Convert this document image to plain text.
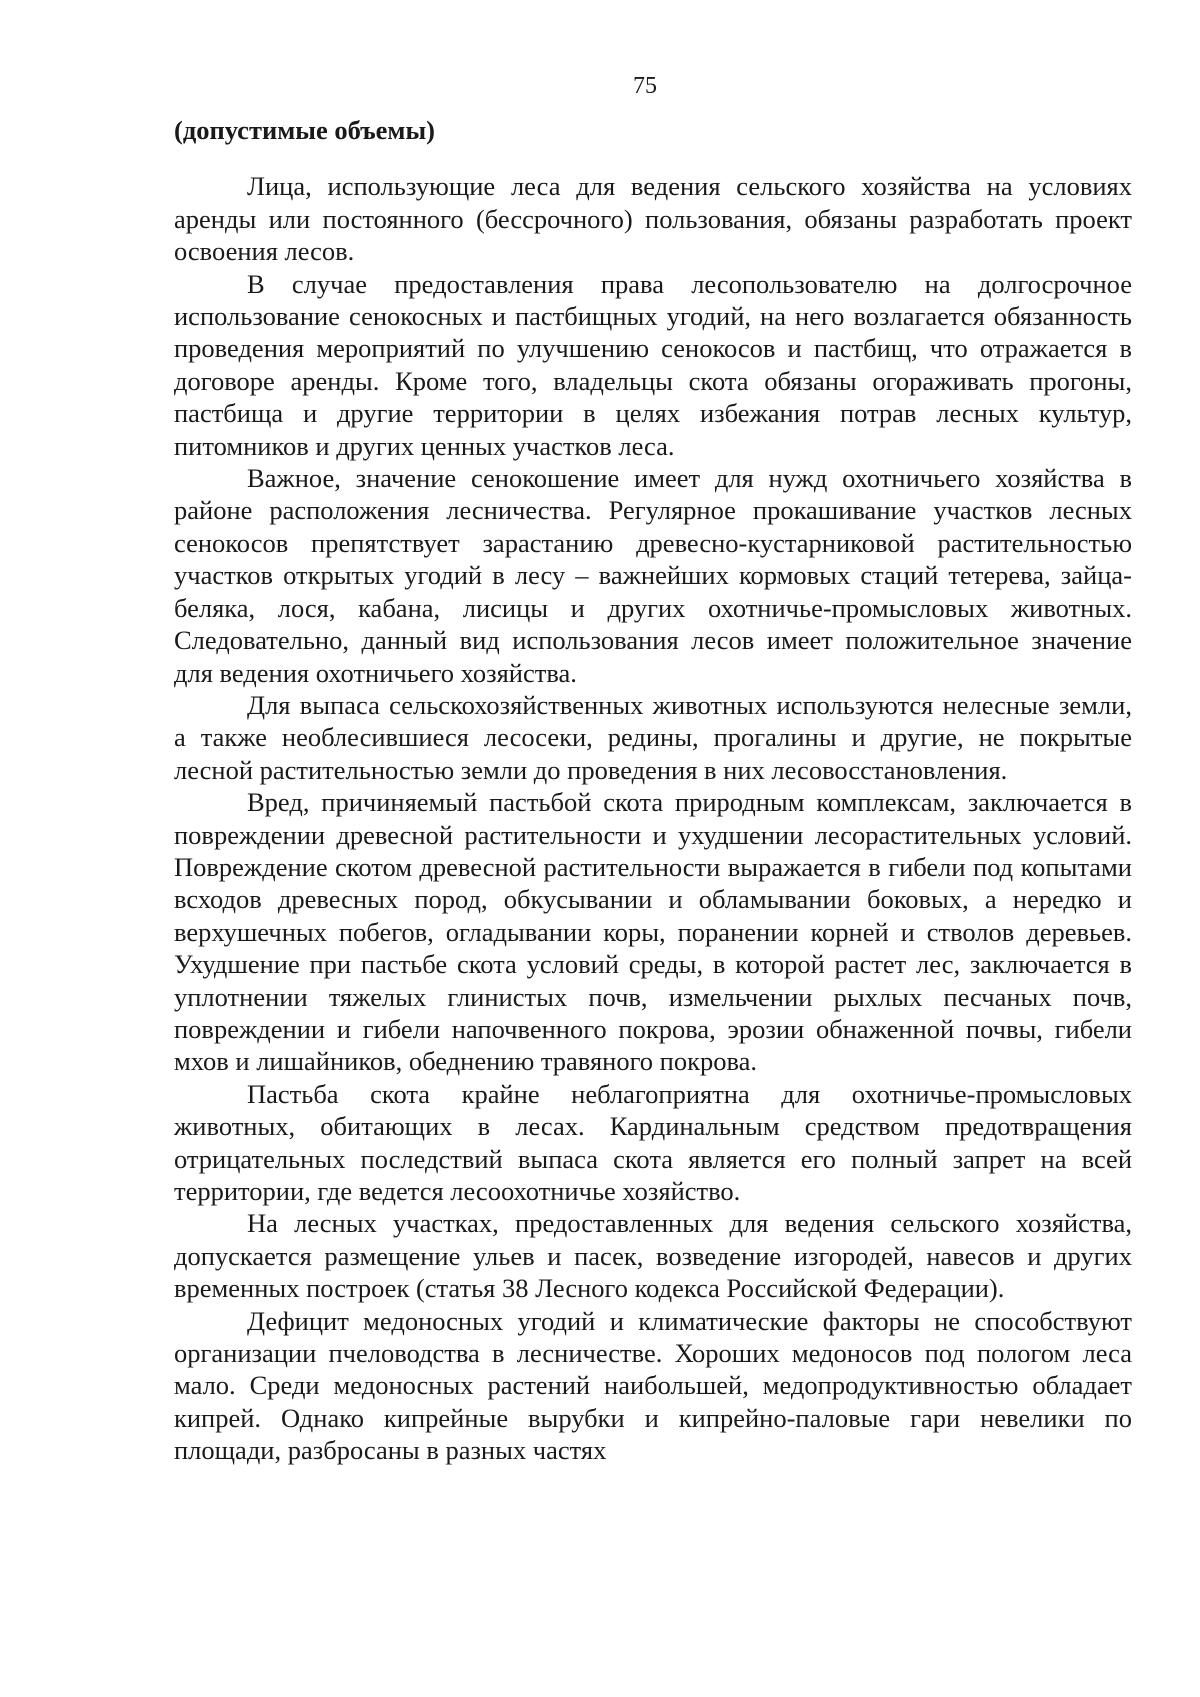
75

(допустимые объемы)

Лица, использующие леса для ведения сельского хозяйства на условиях аренды или постоянного (бессрочного) пользования, обязаны разработать проект освоения лесов.

В случае предоставления права лесопользователю на долгосрочное использование сенокосных и пастбищных угодий, на него возлагается обязанность проведения мероприятий по улучшению сенокосов и пастбищ, что отражается в договоре аренды. Кроме того, владельцы скота обязаны огораживать прогоны, пастбища и другие территории в целях избежания потрав лесных культур, питомников и других ценных участков леса.

Важное, значение сенокошение имеет для нужд охотничьего хозяйства в районе расположения лесничества. Регулярное прокашивание участков лесных сенокосов препятствует зарастанию древесно-кустарниковой растительностью участков открытых угодий в лесу – важнейших кормовых стаций тетерева, зайца-беляка, лося, кабана, лисицы и других охотничье-промысловых животных. Следовательно, данный вид использования лесов имеет положительное значение для ведения охотничьего хозяйства.

Для выпаса сельскохозяйственных животных используются нелесные земли, а также необлесившиеся лесосеки, редины, прогалины и другие, не покрытые лесной растительностью земли до проведения в них лесовосстановления.

Вред, причиняемый пастьбой скота природным комплексам, заключается в повреждении древесной растительности и ухудшении лесорастительных условий. Повреждение скотом древесной растительности выражается в гибели под копытами всходов древесных пород, обкусывании и обламывании боковых, а нередко и верхушечных побегов, огладывании коры, поранении корней и стволов деревьев. Ухудшение при пастьбе скота условий среды, в которой растет лес, заключается в уплотнении тяжелых глинистых почв, измельчении рыхлых песчаных почв, повреждении и гибели напочвенного покрова, эрозии обнаженной почвы, гибели мхов и лишайников, обеднению травяного покрова.

Пастьба скота крайне неблагоприятна для охотничье-промысловых животных, обитающих в лесах. Кардинальным средством предотвращения отрицательных последствий выпаса скота является его полный запрет на всей территории, где ведется лесоохотничье хозяйство.

На лесных участках, предоставленных для ведения сельского хозяйства, допускается размещение ульев и пасек, возведение изгородей, навесов и других временных построек (статья 38 Лесного кодекса Российской Федерации).

Дефицит медоносных угодий и климатические факторы не способствуют организации пчеловодства в лесничестве. Хороших медоносов под пологом леса мало. Среди медоносных растений наибольшей, медопродуктивностью обладает кипрей. Однако кипрейные вырубки и кипрейно-паловые гари невелики по площади, разбросаны в разных частях
